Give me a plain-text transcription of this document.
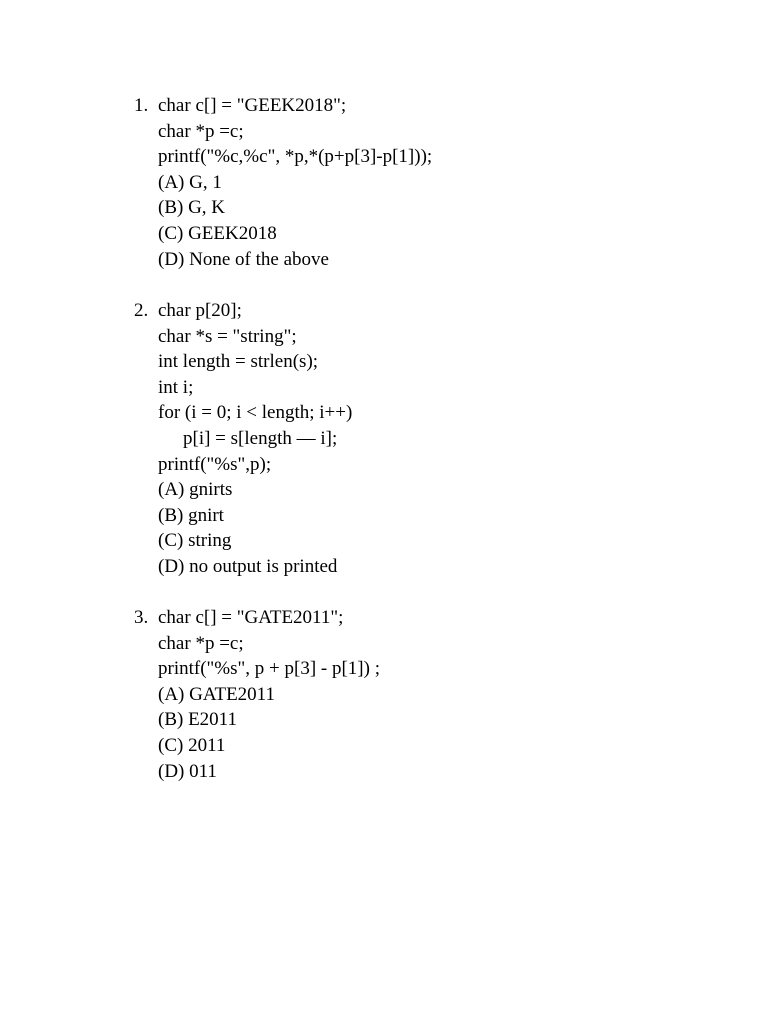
1.

char c[] = "GEEK2018";

char *p =c;

printf("%c,%c", *p,*(p+p[3]-p[1]));

(A) G, 1

(B) G, K

(C) GEEK2018

(D) None of the above

2.

char p[20];

char *s = "string";

int length = strlen(s);

int i;

for (i = 0; i < length; i++)

p[i] = s[length — i];

printf("%s",p);

(A) gnirts

(B) gnirt

(C) string

(D) no output is printed

3.

char c[] = "GATE2011";

char *p =c;

printf("%s", p + p[3] - p[1]) ;

(A) GATE2011

(B) E2011

(C) 2011

(D) 011
